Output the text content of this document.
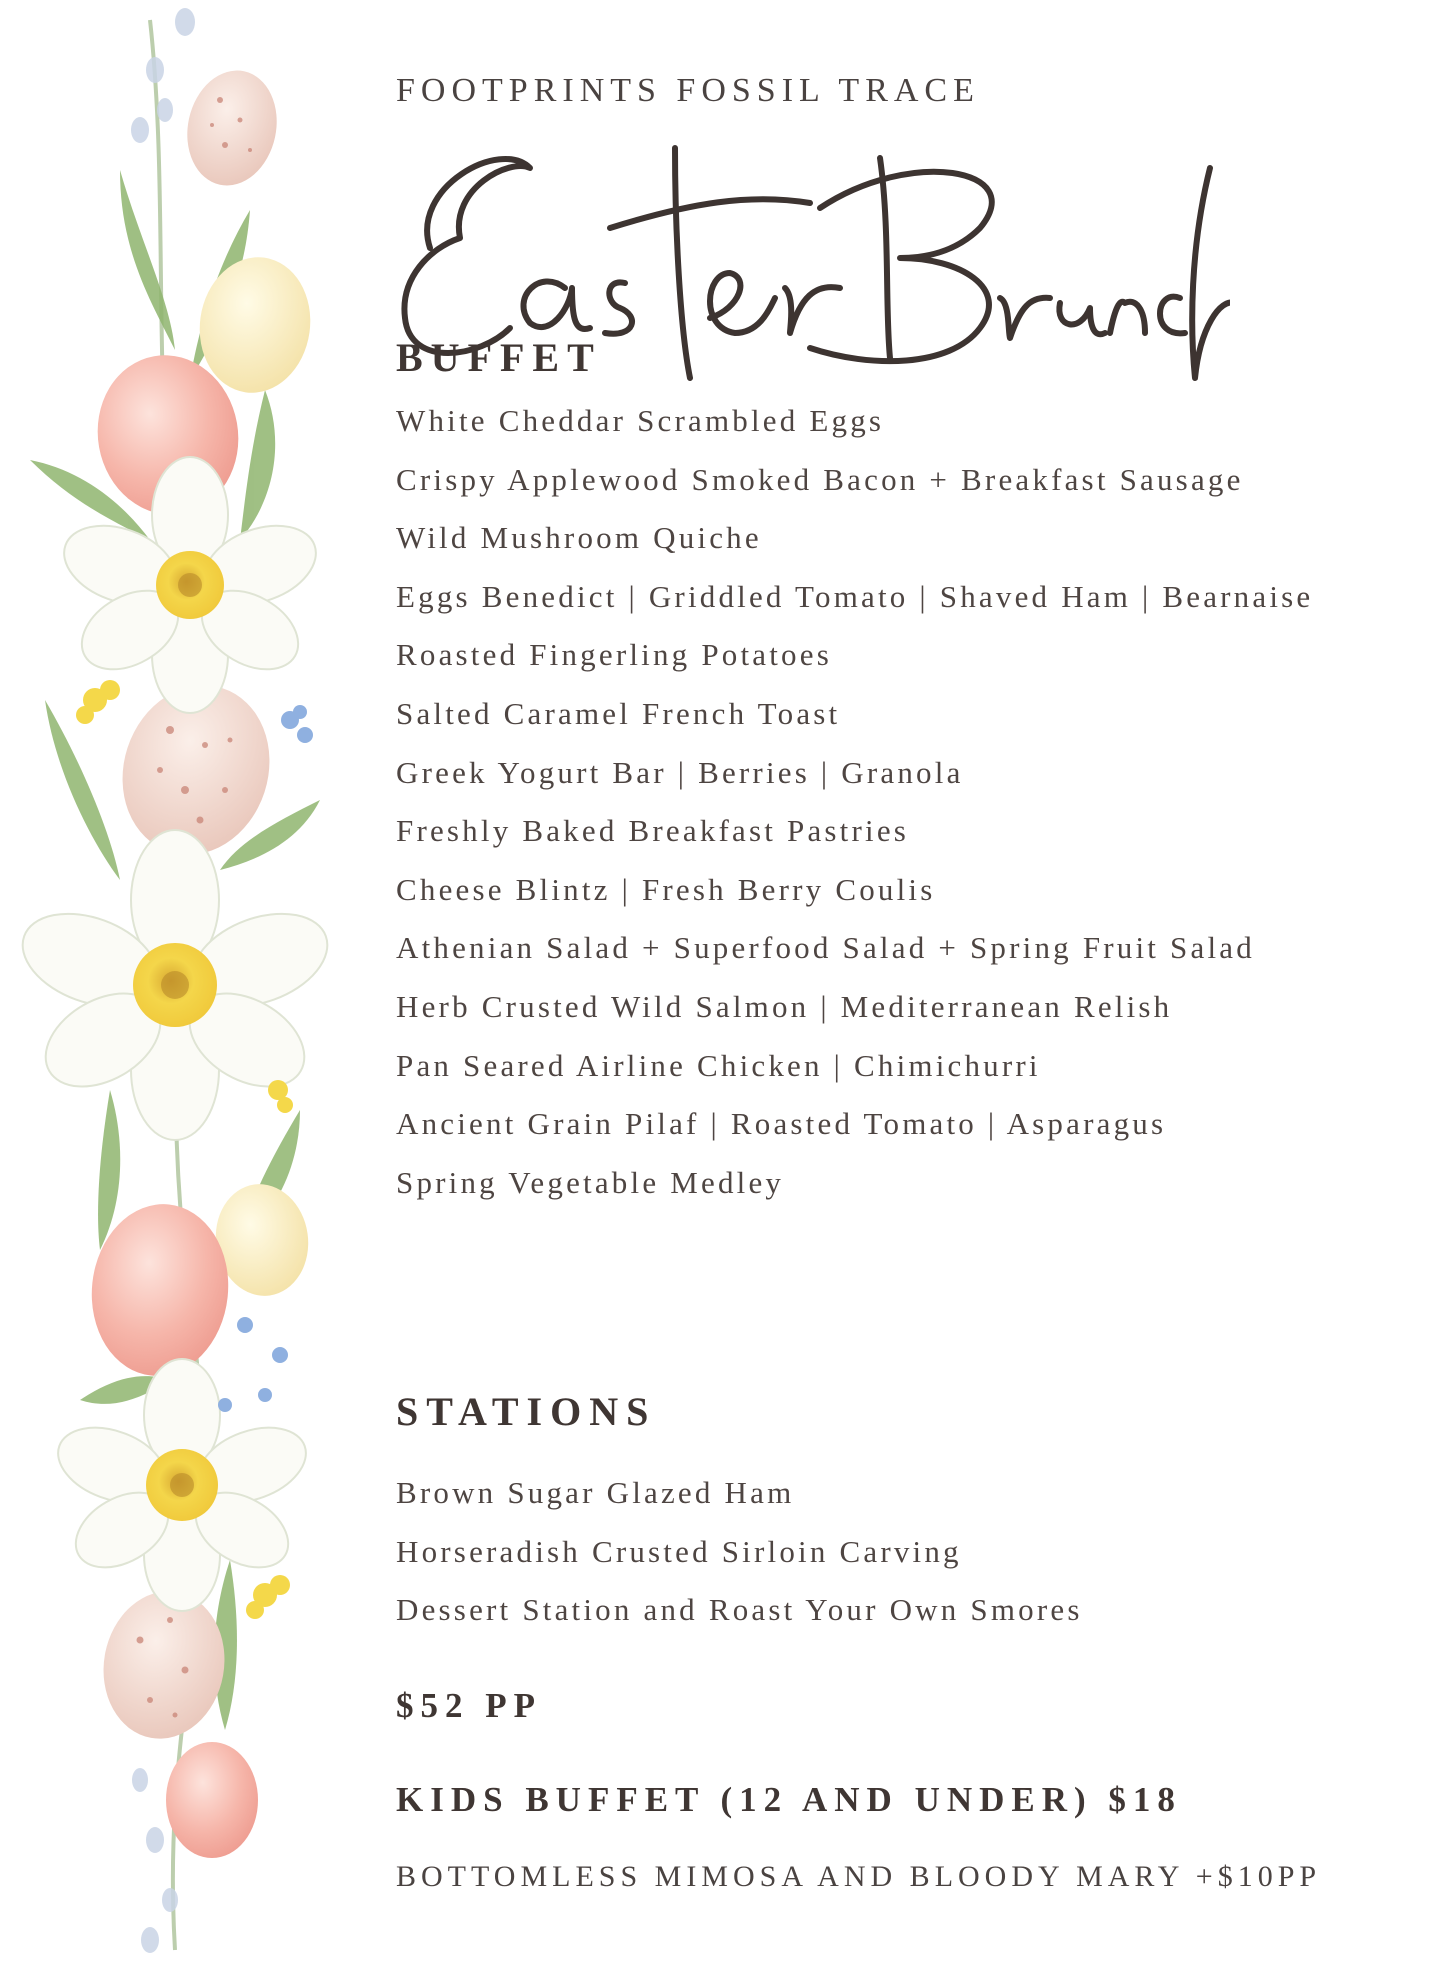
FOOTPRINTS FOSSIL TRACE
BUFFET
White Cheddar Scrambled Eggs
Crispy Applewood Smoked Bacon + Breakfast Sausage
Wild Mushroom Quiche
Eggs Benedict | Griddled Tomato | Shaved Ham | Bearnaise
Roasted Fingerling Potatoes
Salted Caramel French Toast
Greek Yogurt Bar | Berries | Granola
Freshly Baked Breakfast Pastries
Cheese Blintz | Fresh Berry Coulis
Athenian Salad + Superfood Salad + Spring Fruit Salad
Herb Crusted Wild Salmon | Mediterranean Relish
Pan Seared Airline Chicken | Chimichurri
Ancient Grain Pilaf | Roasted Tomato | Asparagus
Spring Vegetable Medley
STATIONS
Brown Sugar Glazed Ham
Horseradish Crusted Sirloin Carving
Dessert Station and Roast Your Own Smores
$52 PP
KIDS BUFFET (12 AND UNDER) $18
BOTTOMLESS MIMOSA AND BLOODY MARY +$10PP
